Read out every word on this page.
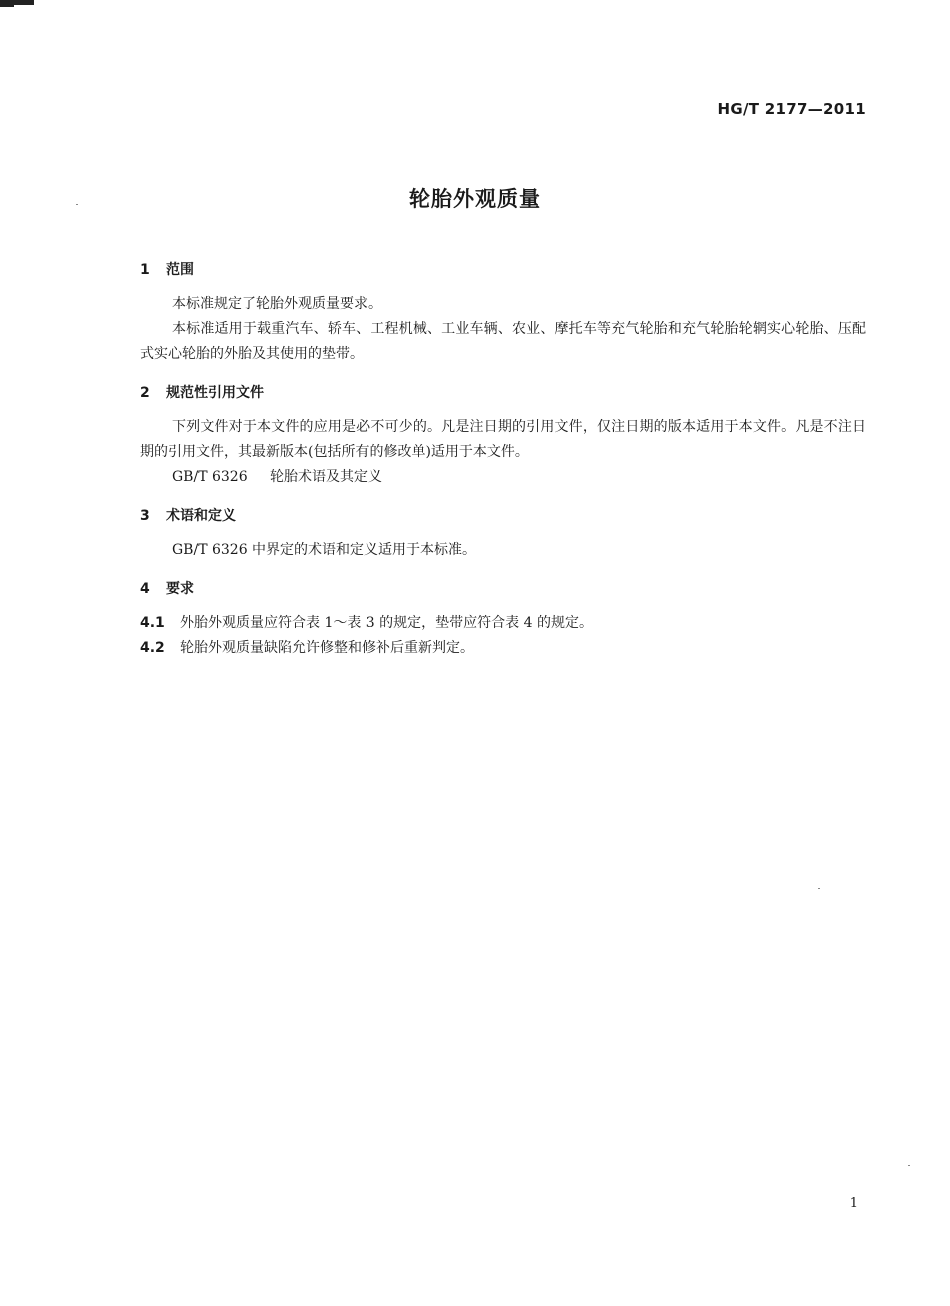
HG/T 2177—2011
轮胎外观质量
1 范围

本标准规定了轮胎外观质量要求。

本标准适用于载重汽车、轿车、工程机械、工业车辆、农业、摩托车等充气轮胎和充气轮胎轮辋实心轮胎、压配式实心轮胎的外胎及其使用的垫带。

2 规范性引用文件

下列文件对于本文件的应用是必不可少的。凡是注日期的引用文件，仅注日期的版本适用于本文件。凡是不注日期的引用文件，其最新版本(包括所有的修改单)适用于本文件。

GB/T 6326 轮胎术语及其定义

3 术语和定义

GB/T 6326 中界定的术语和定义适用于本标准。

4 要求

4.1 外胎外观质量应符合表 1～表 3 的规定，垫带应符合表 4 的规定。

4.2 轮胎外观质量缺陷允许修整和修补后重新判定。

1
